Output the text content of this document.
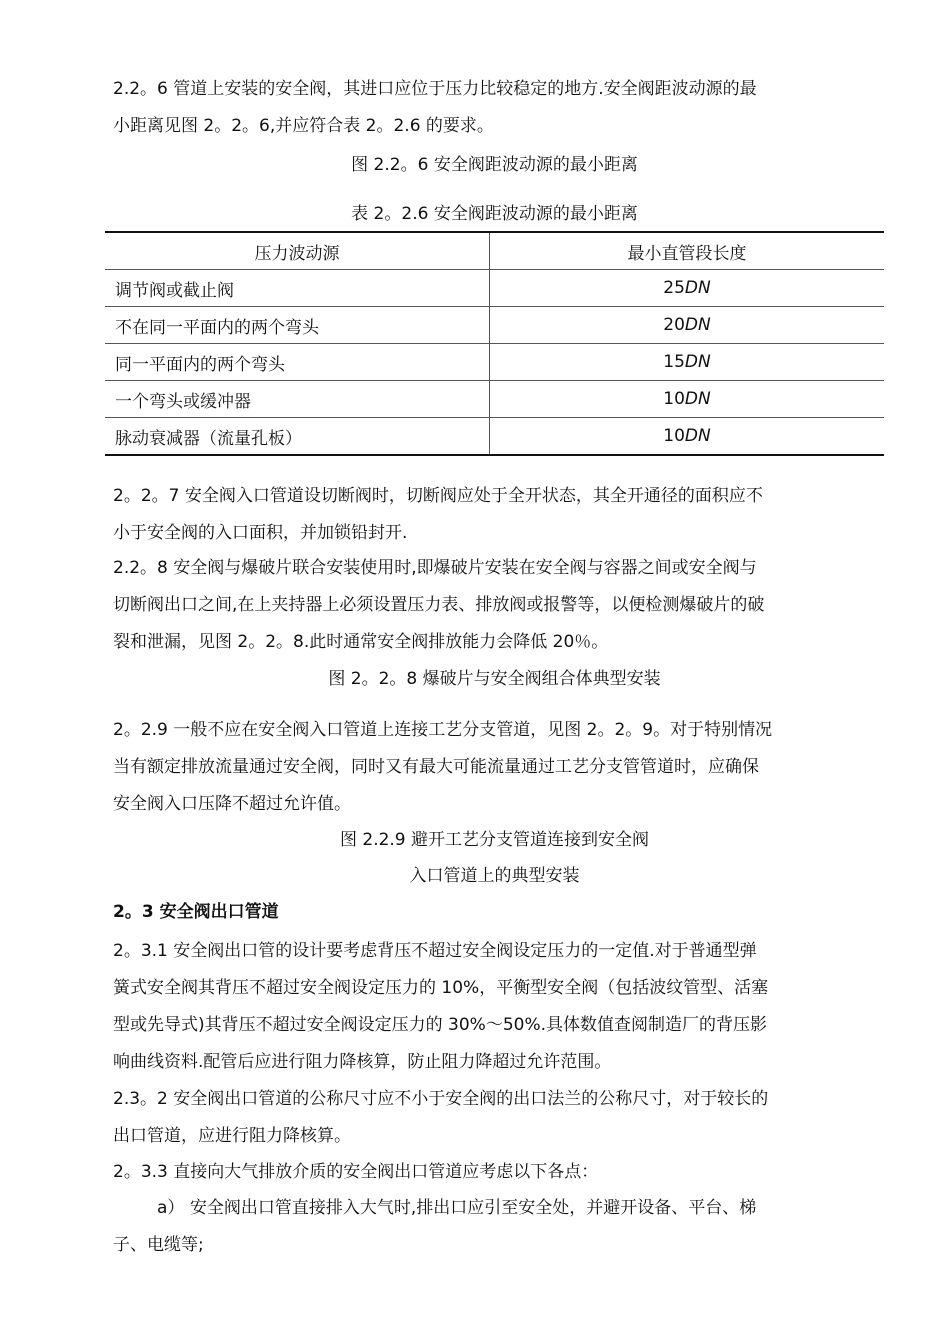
2.2。6 管道上安装的安全阀，其进口应位于压力比较稳定的地方.安全阀距波动源的最
小距离见图 2。2。6,并应符合表 2。2.6 的要求。

图 2.2。6 安全阀距波动源的最小距离

表 2。2.6 安全阀距波动源的最小距离

压力波动源	最小直管段长度
调节阀或截止阀	25DN
不在同一平面内的两个弯头	20DN
同一平面内的两个弯头	15DN
一个弯头或缓冲器	10DN
脉动衰减器（流量孔板）	10DN

2。2。7 安全阀入口管道设切断阀时，切断阀应处于全开状态，其全开通径的面积应不
小于安全阀的入口面积，并加锁铅封开.

2.2。8 安全阀与爆破片联合安装使用时,即爆破片安装在安全阀与容器之间或安全阀与
切断阀出口之间,在上夹持器上必须设置压力表、排放阀或报警等，以便检测爆破片的破
裂和泄漏，见图 2。2。8.此时通常安全阀排放能力会降低 20％。

图 2。2。8 爆破片与安全阀组合体典型安装

2。2.9 一般不应在安全阀入口管道上连接工艺分支管道，见图 2。2。9。对于特别情况
当有额定排放流量通过安全阀，同时又有最大可能流量通过工艺分支管管道时，应确保
安全阀入口压降不超过允许值。

图 2.2.9 避开工艺分支管道连接到安全阀

入口管道上的典型安装

2。3 安全阀出口管道

2。3.1 安全阀出口管的设计要考虑背压不超过安全阀设定压力的一定值.对于普通型弹
簧式安全阀其背压不超过安全阀设定压力的 10%，平衡型安全阀（包括波纹管型、活塞
型或先导式)其背压不超过安全阀设定压力的 30%～50%.具体数值查阅制造厂的背压影
响曲线资料.配管后应进行阻力降核算，防止阻力降超过允许范围。

2.3。2 安全阀出口管道的公称尺寸应不小于安全阀的出口法兰的公称尺寸，对于较长的
出口管道，应进行阻力降核算。

2。3.3 直接向大气排放介质的安全阀出口管道应考虑以下各点：

a） 安全阀出口管直接排入大气时,排出口应引至安全处，并避开设备、平台、梯
子、电缆等;
